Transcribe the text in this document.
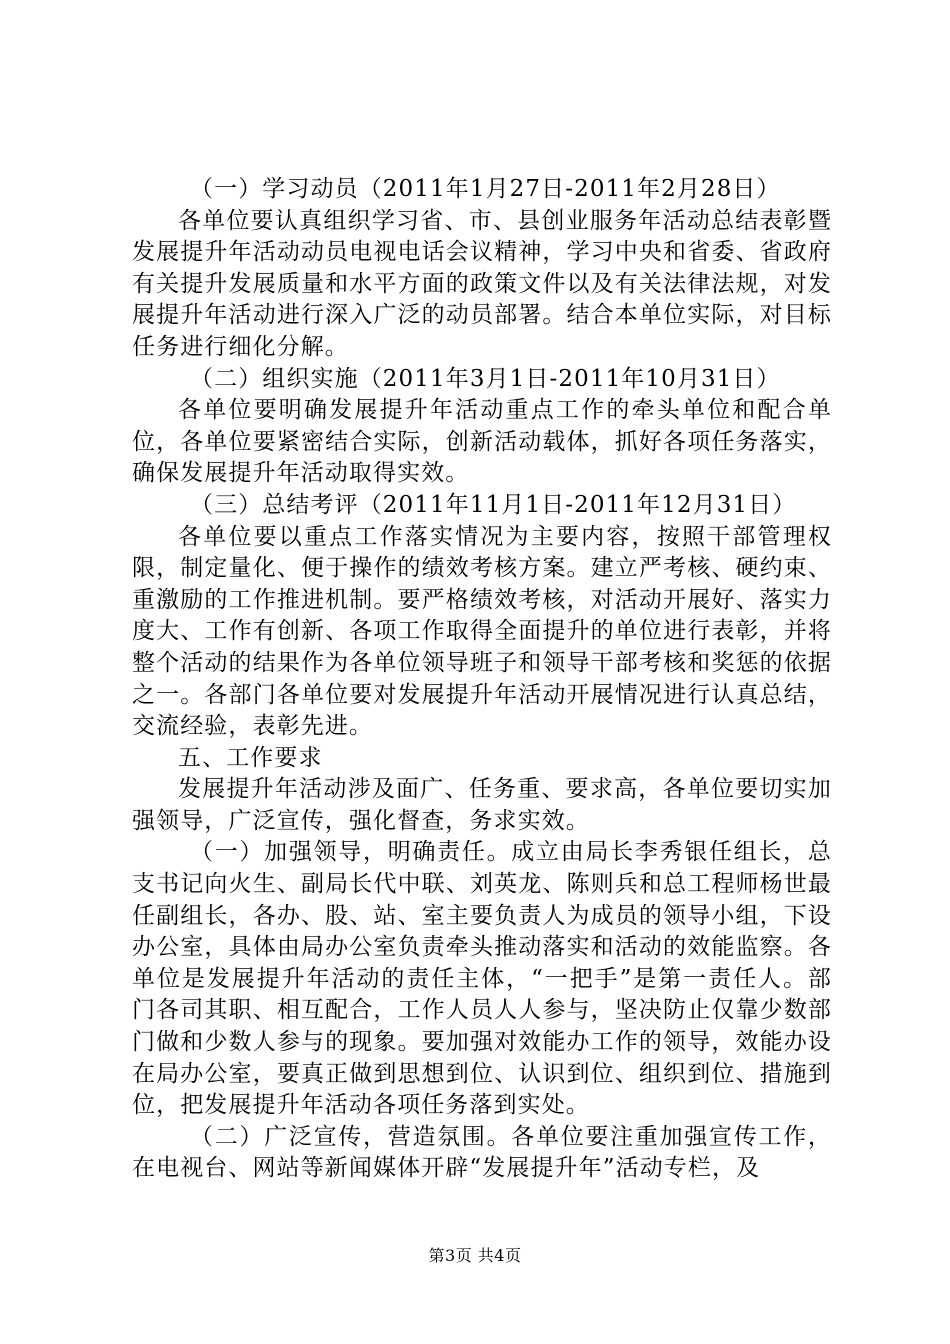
（一）学习动员（2011年1月27日-2011年2月28日）

各单位要认真组织学习省、市、县创业服务年活动总结表彰暨发展提升年活动动员电视电话会议精神，学习中央和省委、省政府有关提升发展质量和水平方面的政策文件以及有关法律法规，对发展提升年活动进行深入广泛的动员部署。结合本单位实际，对目标任务进行细化分解。

（二）组织实施（2011年3月1日-2011年10月31日）

各单位要明确发展提升年活动重点工作的牵头单位和配合单位，各单位要紧密结合实际，创新活动载体，抓好各项任务落实，确保发展提升年活动取得实效。

（三）总结考评（2011年11月1日-2011年12月31日）

各单位要以重点工作落实情况为主要内容，按照干部管理权限，制定量化、便于操作的绩效考核方案。建立严考核、硬约束、重激励的工作推进机制。要严格绩效考核，对活动开展好、落实力度大、工作有创新、各项工作取得全面提升的单位进行表彰，并将整个活动的结果作为各单位领导班子和领导干部考核和奖惩的依据之一。各部门各单位要对发展提升年活动开展情况进行认真总结，交流经验，表彰先进。

五、工作要求

发展提升年活动涉及面广、任务重、要求高，各单位要切实加强领导，广泛宣传，强化督查，务求实效。

（一）加强领导，明确责任。成立由局长李秀银任组长，总支书记向火生、副局长代中联、刘英龙、陈则兵和总工程师杨世最任副组长，各办、股、站、室主要负责人为成员的领导小组，下设办公室，具体由局办公室负责牵头推动落实和活动的效能监察。各单位是发展提升年活动的责任主体，“一把手”是第一责任人。部门各司其职、相互配合，工作人员人人参与，坚决防止仅靠少数部门做和少数人参与的现象。要加强对效能办工作的领导，效能办设在局办公室，要真正做到思想到位、认识到位、组织到位、措施到位，把发展提升年活动各项任务落到实处。

（二）广泛宣传，营造氛围。各单位要注重加强宣传工作，在电视台、网站等新闻媒体开辟“发展提升年”活动专栏，及

第3页 共4页
